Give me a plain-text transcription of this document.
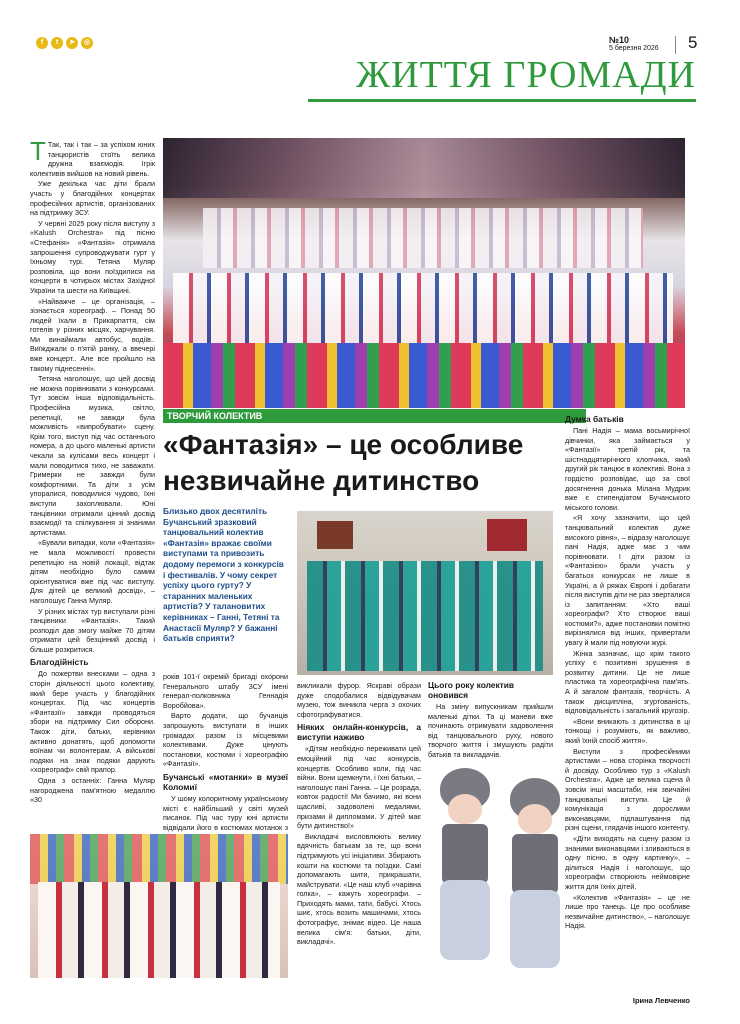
f	t	➤	◎	№10
5 березня 2026 5
ЖИТТЯ ГРОМАДИ
ТВОРЧИЙ КОЛЕКТИВ
«Фантазія» – це особливе
незвичайне дитинство

Т Так, так і так – за успіхом юних танцюристів стоїть велика дружна взаємодія. Ігрік колективів вийшов на новий рівень.

Уже декілька час діти брали участь у благодійних концертах професійних артистів, організованих на підтримку ЗСУ.

У червні 2025 року після виступу з «Kalush Orchestra» під пісню «Стефанія» «Фантазія» отримала запрошення супроводжувати гурт у їхньому турі. Тетяна Муляр розповіла, що вони поїздилися на концерти в чотирьох містах Західної України та шести на Київщині.

«Найважче – це організація, – зізнається хореограф. – Понад 50 людей їхали в Прикарпаття, сім готелів у різних місцях, харчування. Ми винаймали автобус, водіїв.. Виїжджали о п'ятій ранку, а ввечері вже концерт.. Але все пройшло на такому піднесенні».

Тетяна наголошує, що цей досвід не можна порівнювати з конкурсами. Тут зовсім інша відповідальність. Професійна музика, світло, репетиції, не завжди була можливість «випробувати» сцену. Крім того, виступ під час останнього номера, а до цього маленькі артисти чекали за кулісами весь концерт і мали поводитися тихо, не заважати. Гримерки не завжди були комфортними. Та діти з усім упоралися, поводилися чудово, їхні виступи захоплювали. Юні танцівники отримали цінний досвід взаємодії та спілкування зі знаними артистами.

«Бували випадки, коли «Фантазія» не мала можливості провести репетицію на новій локації, відтак дітям необхідно було самим орієнтуватися вже під час виступу. Для дітей це великий досвід», – наголошує Ганна Муляр.

У різних містах тур виступали різні танцівники «Фантазія». Такий розподіл дав змогу майже 70 дітям отримати цей безцінний досвід і більше розкритися.

Благодійність

До пожертви внесками – одна з сторін діяльності цього колективу, який бере участь у благодійних концертах. Під час концертів «Фантазії» завжди проводяться збори на підтримку Сил оборони. Також діти, батьки, керівники активно донатять, щоб допомогти воїнам чи волонтерам. А військові подяки на знак подяки дарують «хореограф» свій прапор.

Одна з останніх: Ганна Муляр нагороджена пам'ятною медаллю «30

Близько двох десятиліть Бучанський зразковий танцювальний колектив «Фантазія» вражає своїми виступами та привозить додому перемоги з конкурсів і фестивалів. У чому секрет успіху цього гурту? У старанних маленьких артистів? У талановитих керівниках – Ганні, Тетяні та Анастасії Муляр? У бажанні батьків сприяти?

років 101-ї окремій бригаді охорони Генерального штабу ЗСУ імені генерал-полковника Геннадія Воробйова».

Варто додати, що бучанців запрошують виступати в інших громадах разом із місцевими колективами. Дуже цінують постановки, костюми і хореографію «Фантазії».

Бучанські «мотанки» в музеї Коломиї

У шому колоритному українському місті є найбільший у світі музей писанок. Під час туру юні артисти відвідали його в костюмах мотанок з

викликали фурор. Яскраві образи дуже сподобалися відвідувачам музею, тож виникла черга з охочих сфотографуватися.

Ніяких онлайн-конкурсів, а виступи наживо

«Дітям необхідно переживати цей емоційний під час конкурсів, концертів. Особливо коли, під час війни. Вони щемкнути, і їхні батьки, – наголошує пані Ганна. – Це розрада, ковток радості! Ми бачимо, які вони щасливі, задоволені медалями, призами й дипломами. У дітей має бути дитинство!»

Викладачі висловлюють велику вдячність батькам за те, що вони підтримують усі ініціативи. Збирають кошти на костюми та поїздки. Самі допомагають шити, прикрашати, майструвати. «Це наш клуб «чарівна голка», – кажуть хореографи. – Приходять мами, тати, бабусі. Хтось шиє, хтось возить машинами, хтось фотографує, знімає відео. Це наша велика сім'я: батьки, діти, викладачі».

Цього року колектив оновився

На зміну випускникам прийшли маленькі дітки. Та ці маневи вже починають отримувати задоволення від танцювального руху, нового творчого життя і змушують радіти батьків та викладачів.

Думка батьків

Пані Надія – мама восьмирічної дівчинки, яка займається у «Фантазії» третій рік, та шістнадцятирічного хлопчика, який другий рік танцює в колективі. Вона з гордістю розповідає, що за свої досягнення донька Мілана Мудрик вже є стипендіатом Бучанського міського голови.

«Я хочу зазначити, що цей танцювальний колектив дуже високого рівня», – відразу наголошує пані Надія, адже має з чим порівнювати. І діти разом із «Фантазією» брали участь у багатьох конкурсах не лише в Україні, а й ряжах Європі і добагати після виступів діти не раз зверталися із запитанням: «Хто ваші хореографи? Хто створює ваші костюми?», адже постановки помітно вирізнялися від інших, привертали увагу й мали під новуючи журі.

Жінка зазначає, що крім такого успіху є позитивні зрушення в розвитку дитини. Це не лише пластика та хореографічна пам'ять. А й загалом фантазія, творчість. А також дисципліна, згуртованість, відповідальність і загальний кругозір.

«Вони вникають з дитинства в ці тонкощі і розуміють, як важливо, який їхній спосіб життя».

Виступи з професійними артистами – нова сторінка творчості й досвіду. Особливо тур з «Kalush Orchestra». Адже це велика сцена й зовсім інші масштаби, ніж звичайні танцювальні виступи. Це й комунікація з дорослими виконавцями, підлаштування під різні сцени, глядачів іншого контенту.

«Діти виходять на сцену разом із знаними виконавцями і зливаються в одну пісню, в одну картинку», – ділиться Надія і наголошує, що хореографи створюють неймовірне життя для їхніх дітей.

«Колектив «Фантазія» – це не лише про танець. Це про особливе незвичайне дитинство», – наголошує Надія.

Ірина Левченко
